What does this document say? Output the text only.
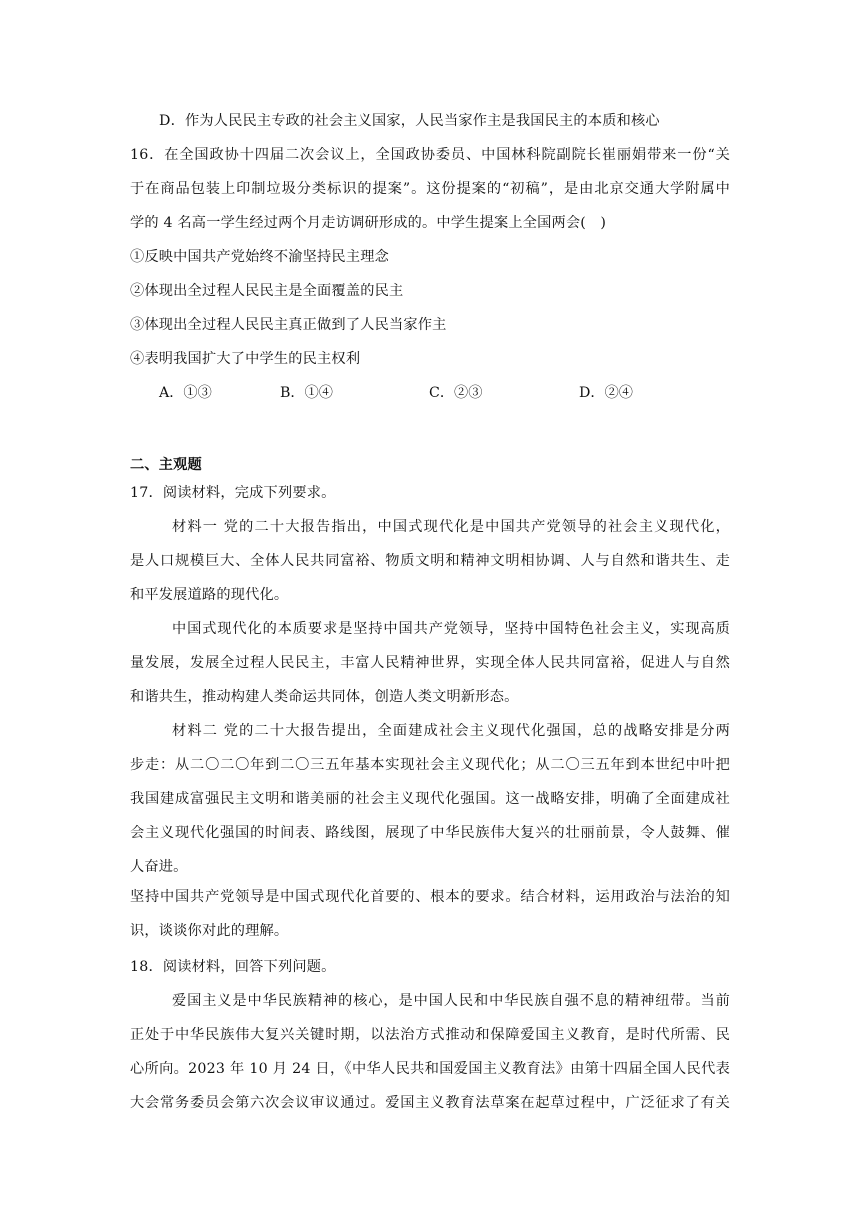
D．作为人民民主专政的社会主义国家，人民当家作主是我国民主的本质和核心
16．在全国政协十四届二次会议上，全国政协委员、中国林科院副院长崔丽娟带来一份“关
于在商品包装上印制垃圾分类标识的提案”。这份提案的“初稿”，是由北京交通大学附属中
学的 4 名高一学生经过两个月走访调研形成的。中学生提案上全国两会(　)
①反映中国共产党始终不渝坚持民主理念
②体现出全过程人民民主是全面覆盖的民主
③体现出全过程人民民主真正做到了人民当家作主
④表明我国扩大了中学生的民主权利
A．①③	B．①④	C．②③	D．②④
二、主观题
17．阅读材料，完成下列要求。
材料一 党的二十大报告指出，中国式现代化是中国共产党领导的社会主义现代化，
是人口规模巨大、全体人民共同富裕、物质文明和精神文明相协调、人与自然和谐共生、走
和平发展道路的现代化。
中国式现代化的本质要求是坚持中国共产党领导，坚持中国特色社会主义，实现高质
量发展，发展全过程人民民主，丰富人民精神世界，实现全体人民共同富裕，促进人与自然
和谐共生，推动构建人类命运共同体，创造人类文明新形态。
材料二 党的二十大报告提出，全面建成社会主义现代化强国，总的战略安排是分两
步走：从二〇二〇年到二〇三五年基本实现社会主义现代化；从二〇三五年到本世纪中叶把
我国建成富强民主文明和谐美丽的社会主义现代化强国。这一战略安排，明确了全面建成社
会主义现代化强国的时间表、路线图，展现了中华民族伟大复兴的壮丽前景，令人鼓舞、催
人奋进。
坚持中国共产党领导是中国式现代化首要的、根本的要求。结合材料，运用政治与法治的知
识，谈谈你对此的理解。
18．阅读材料，回答下列问题。
爱国主义是中华民族精神的核心，是中国人民和中华民族自强不息的精神纽带。当前
正处于中华民族伟大复兴关键时期，以法治方式推动和保障爱国主义教育，是时代所需、民
心所向。2023 年 10 月 24 日，《中华人民共和国爱国主义教育法》由第十四届全国人民代表
大会常务委员会第六次会议审议通过。爱国主义教育法草案在起草过程中，广泛征求了有关
